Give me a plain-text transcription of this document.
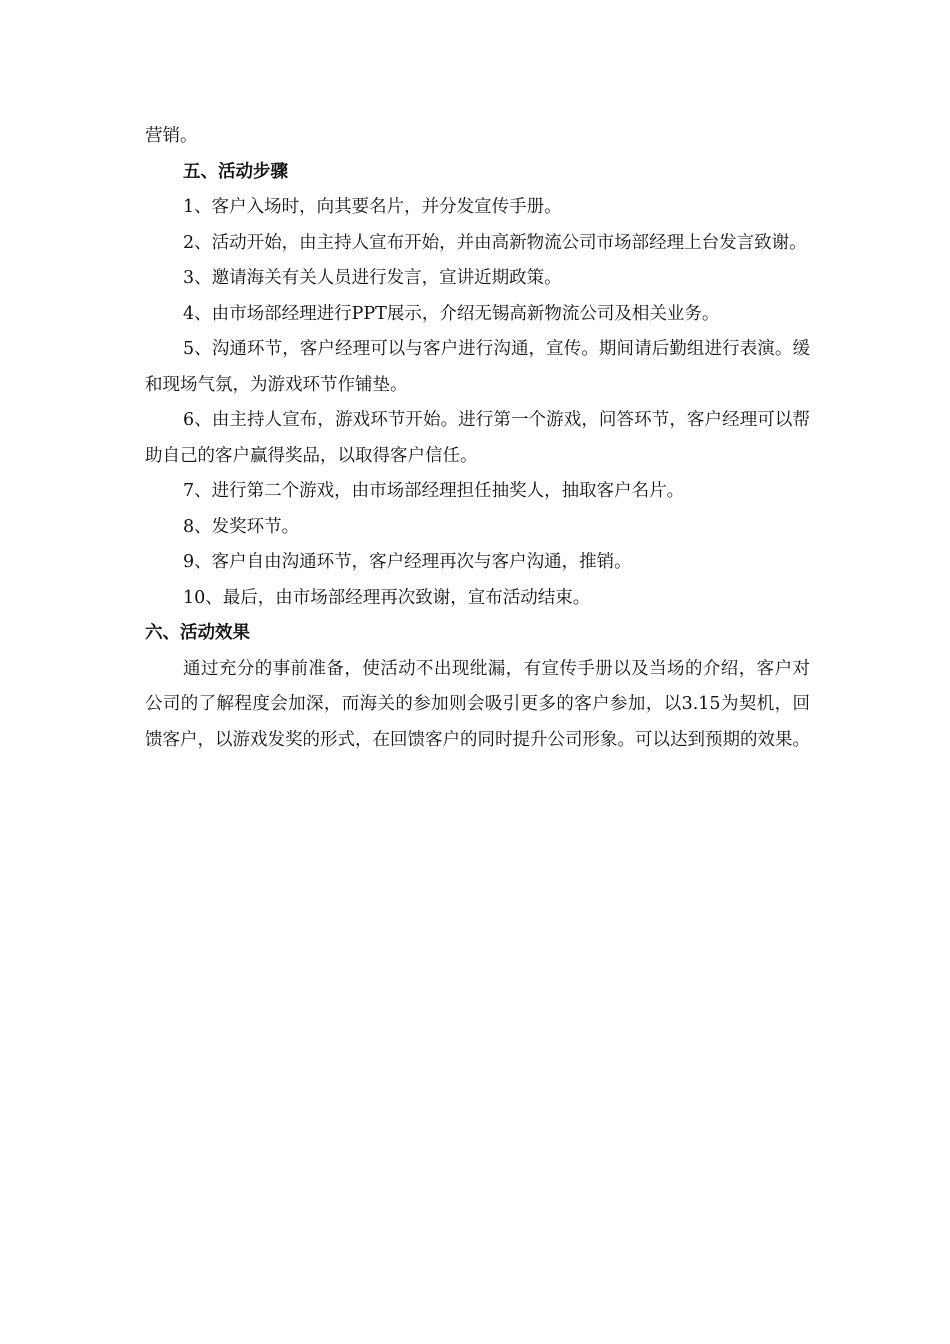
营销。

五、活动步骤

1、客户入场时，向其要名片，并分发宣传手册。

2、活动开始，由主持人宣布开始，并由高新物流公司市场部经理上台发言致谢。

3、邀请海关有关人员进行发言，宣讲近期政策。

4、由市场部经理进行PPT展示，介绍无锡高新物流公司及相关业务。

5、沟通环节，客户经理可以与客户进行沟通，宣传。期间请后勤组进行表演。缓和现场气氛，为游戏环节作铺垫。

6、由主持人宣布，游戏环节开始。进行第一个游戏，问答环节，客户经理可以帮助自己的客户赢得奖品，以取得客户信任。

7、进行第二个游戏，由市场部经理担任抽奖人，抽取客户名片。

8、发奖环节。

9、客户自由沟通环节，客户经理再次与客户沟通，推销。

10、最后，由市场部经理再次致谢，宣布活动结束。

六、活动效果

通过充分的事前准备，使活动不出现纰漏，有宣传手册以及当场的介绍，客户对公司的了解程度会加深，而海关的参加则会吸引更多的客户参加，以3.15为契机，回馈客户，以游戏发奖的形式，在回馈客户的同时提升公司形象。可以达到预期的效果。
